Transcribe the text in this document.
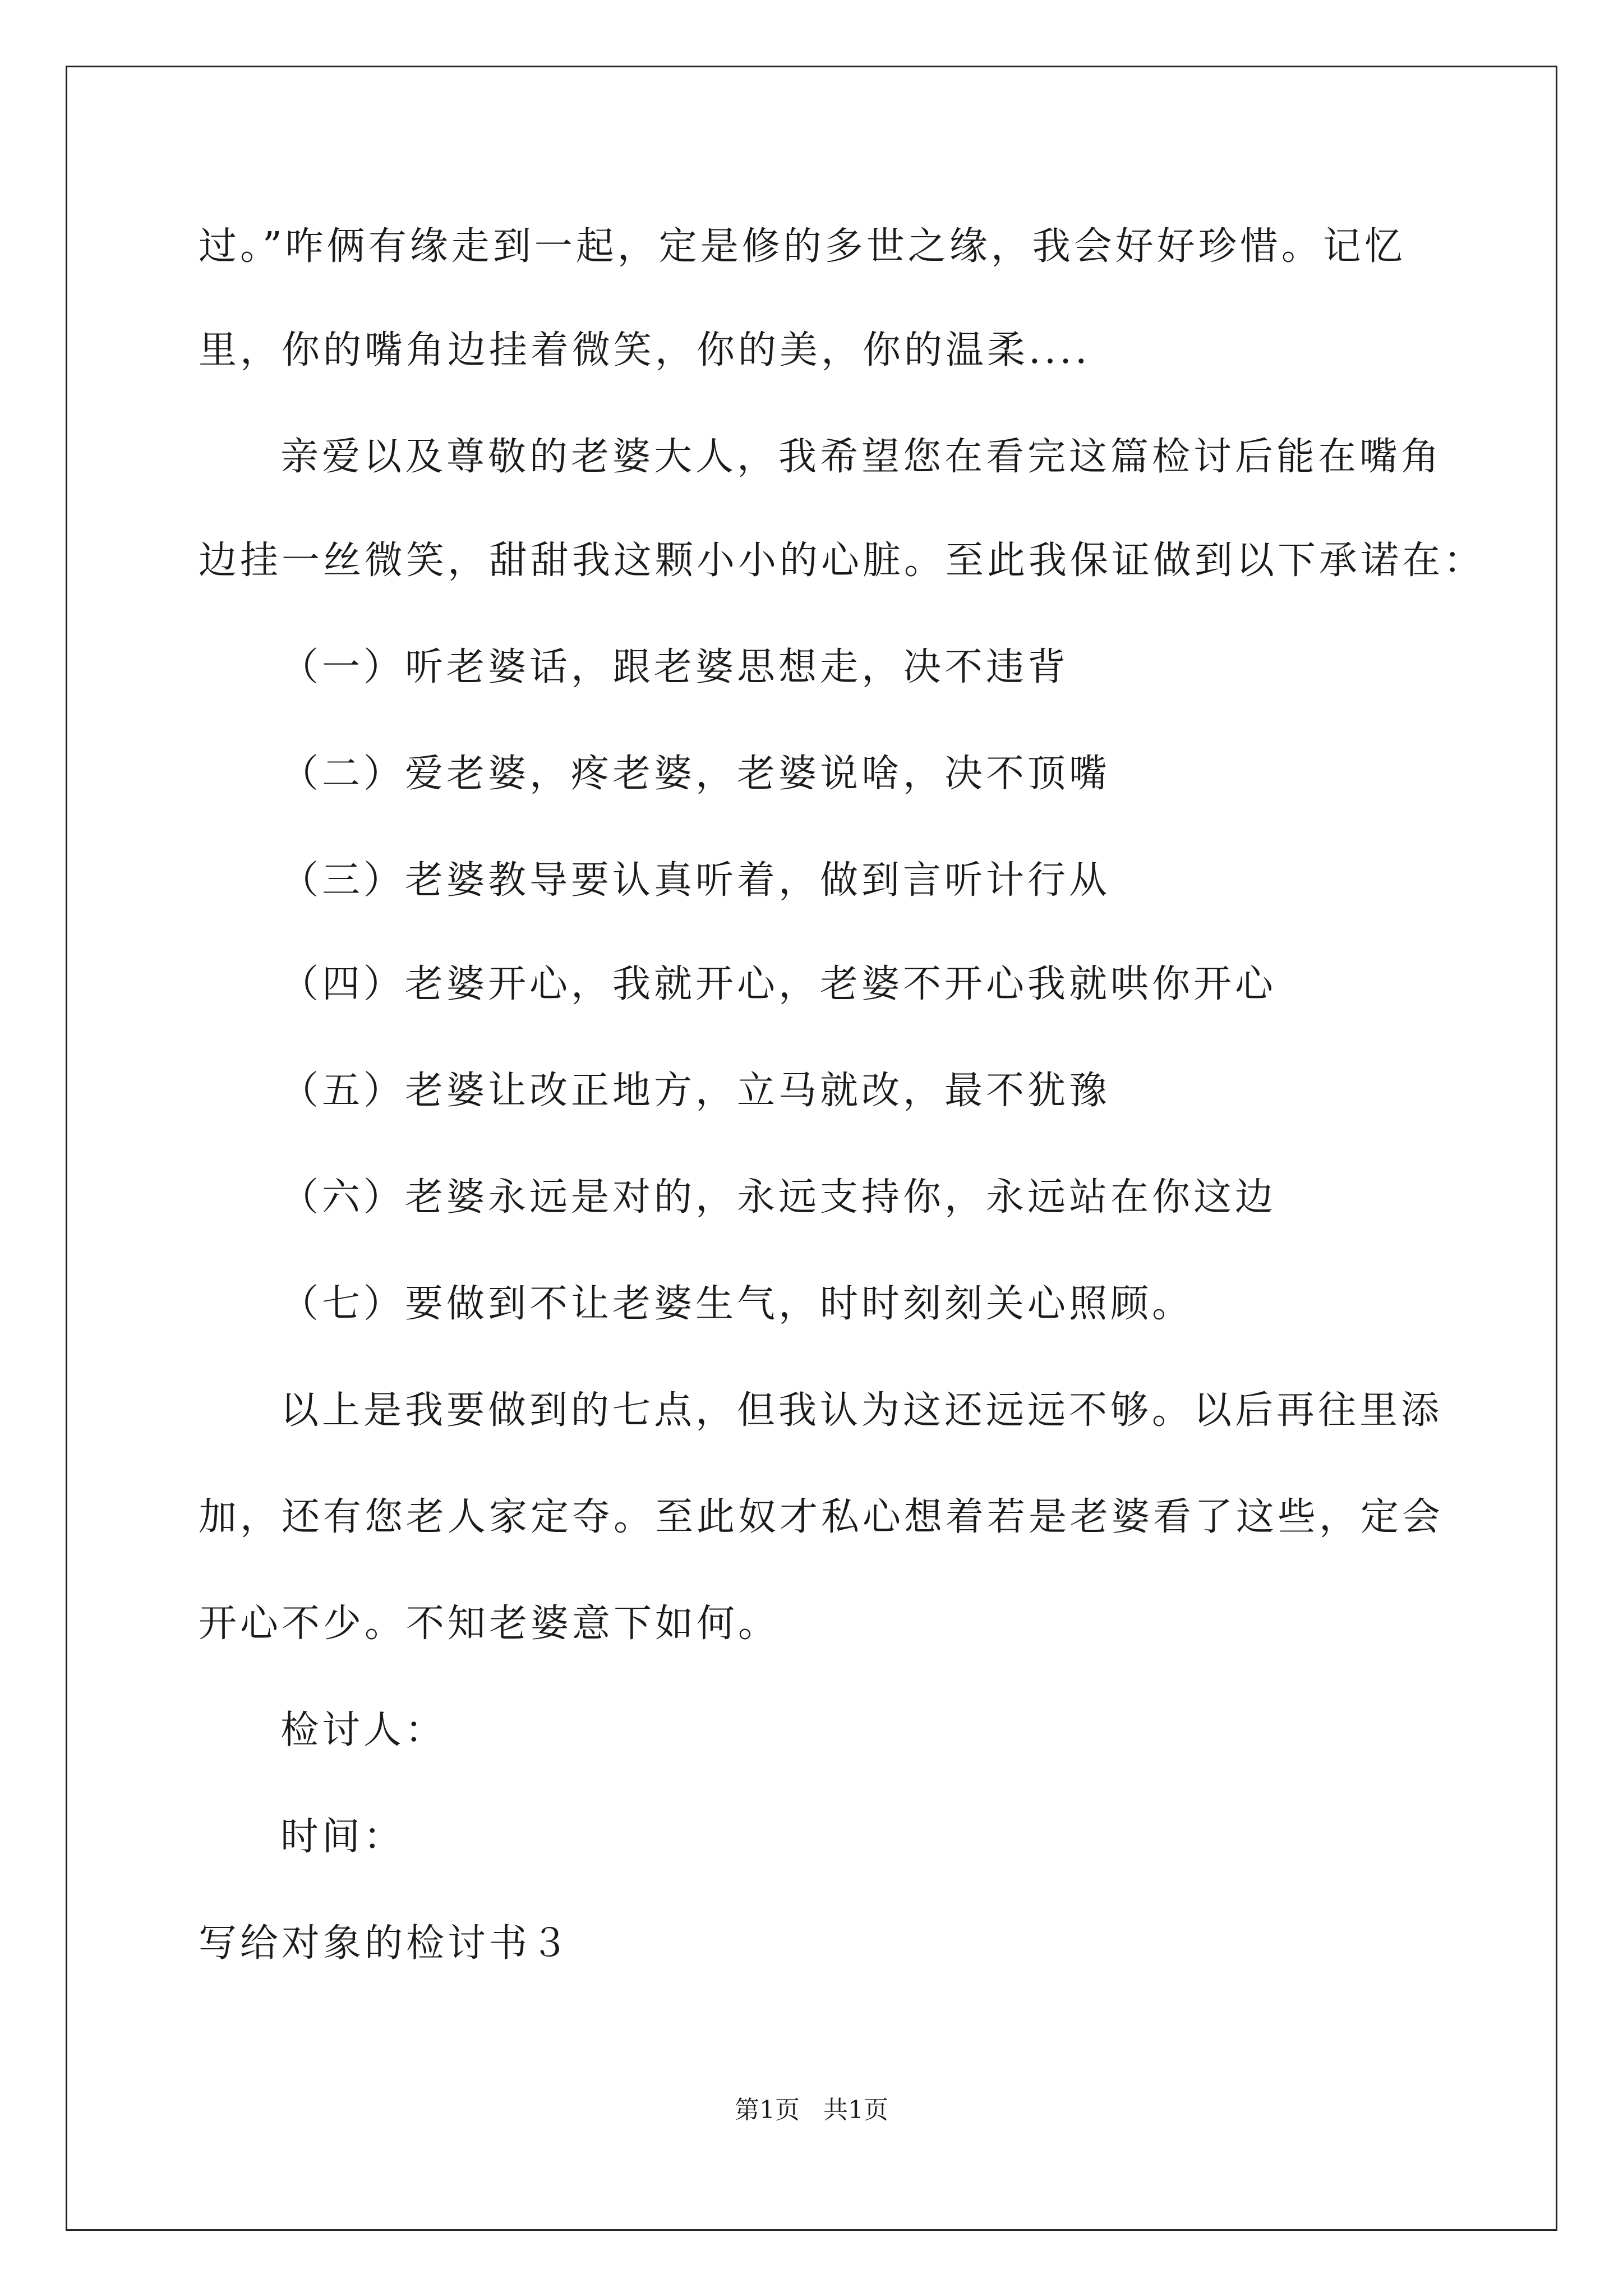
过。”咋俩有缘走到一起，定是修的多世之缘，我会好好珍惜。记忆
里，你的嘴角边挂着微笑，你的美，你的温柔....
亲爱以及尊敬的老婆大人，我希望您在看完这篇检讨后能在嘴角
边挂一丝微笑，甜甜我这颗小小的心脏。至此我保证做到以下承诺在：
（一）听老婆话，跟老婆思想走，决不违背
（二）爱老婆，疼老婆，老婆说啥，决不顶嘴
（三）老婆教导要认真听着，做到言听计行从
（四）老婆开心，我就开心，老婆不开心我就哄你开心
（五）老婆让改正地方，立马就改，最不犹豫
（六）老婆永远是对的，永远支持你，永远站在你这边
（七）要做到不让老婆生气，时时刻刻关心照顾。
以上是我要做到的七点，但我认为这还远远不够。以后再往里添
加，还有您老人家定夺。至此奴才私心想着若是老婆看了这些，定会
开心不少。不知老婆意下如何。
检讨人：
时间：
写给对象的检讨书３
第1页   共1页
